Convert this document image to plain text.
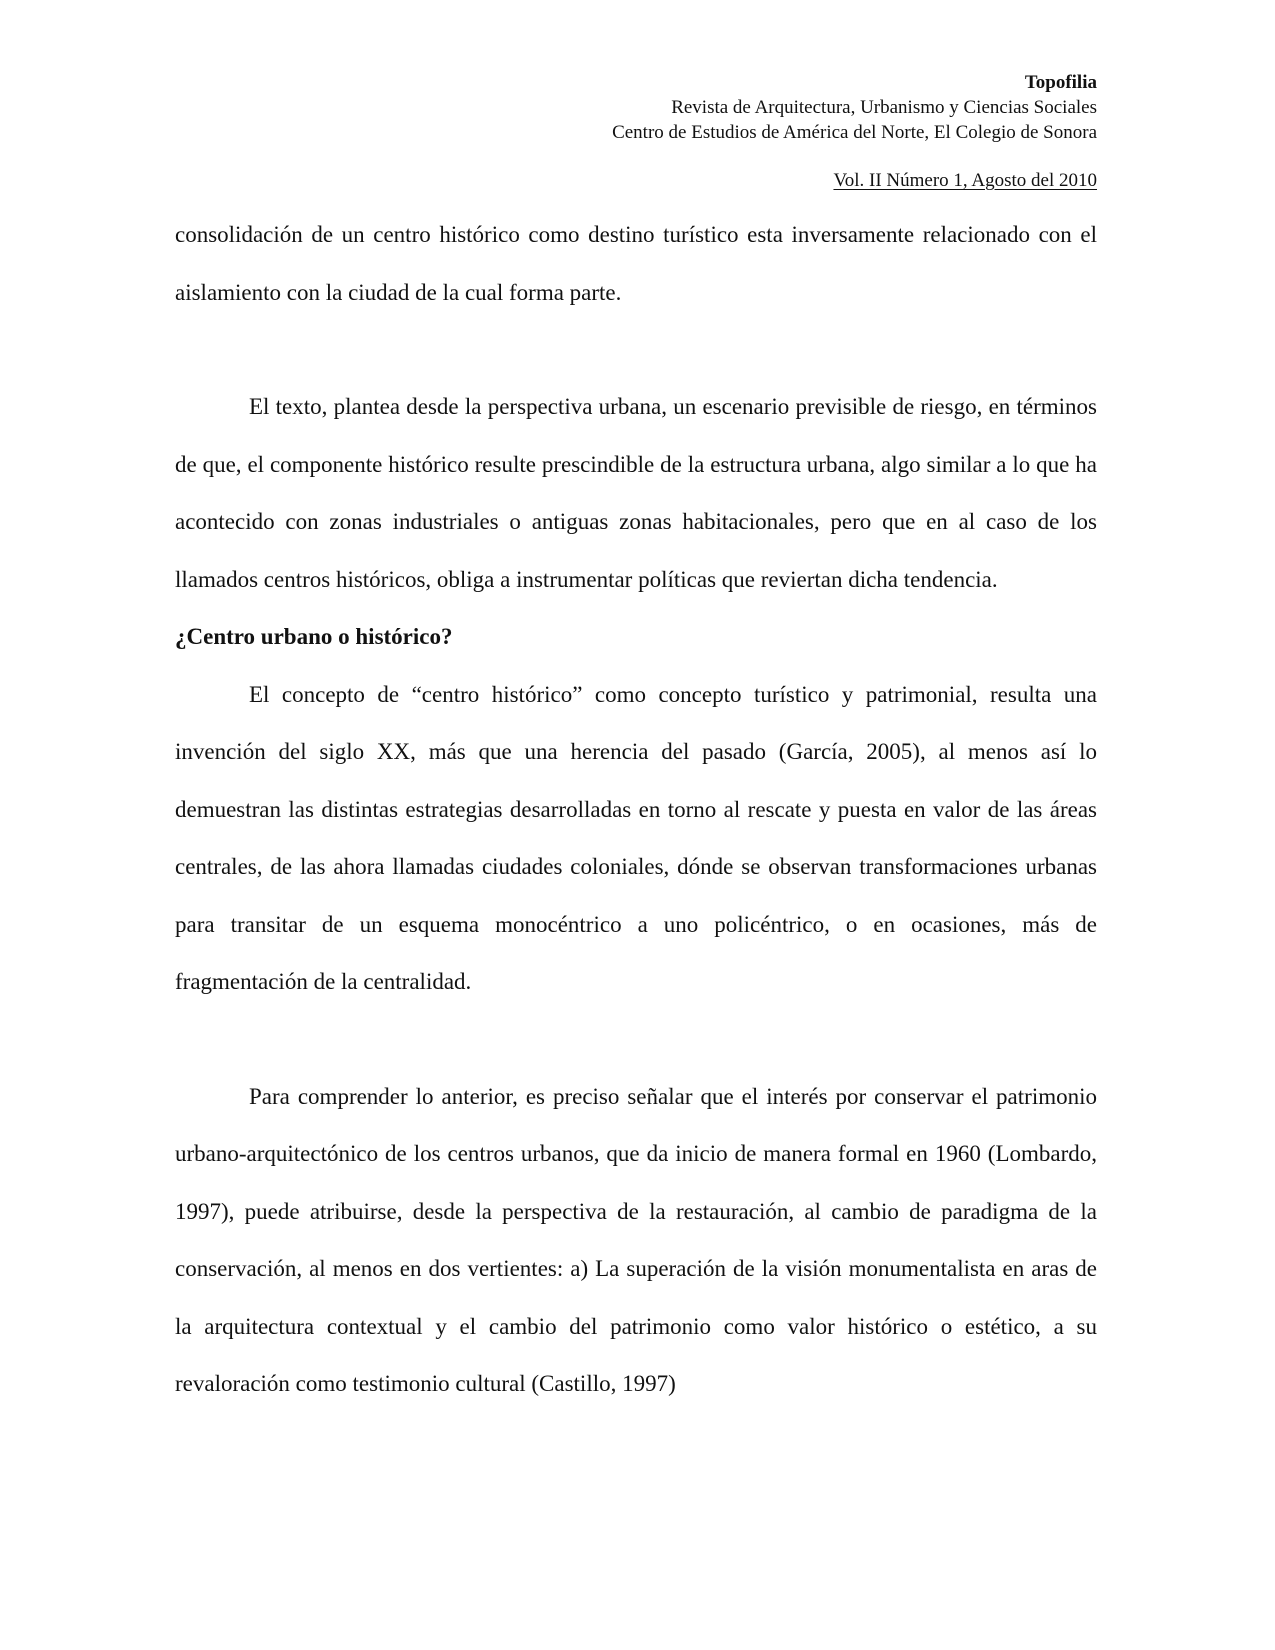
Topofilia
Revista de Arquitectura, Urbanismo y Ciencias Sociales
Centro de Estudios de América del Norte, El Colegio de Sonora
Vol. II Número 1, Agosto del 2010

consolidación de un centro histórico como destino turístico esta inversamente relacionado con el aislamiento con la ciudad de la cual forma parte.

El texto, plantea desde la perspectiva urbana, un escenario previsible de riesgo, en términos de que, el componente histórico resulte prescindible de la estructura urbana, algo similar a lo que ha acontecido con zonas industriales o antiguas zonas habitacionales, pero que en al caso de los llamados centros históricos, obliga a instrumentar políticas que reviertan dicha tendencia.

¿Centro urbano o histórico?

El concepto de “centro histórico” como concepto turístico y patrimonial, resulta una invención del siglo XX, más que una herencia del pasado (García, 2005), al menos así lo demuestran las distintas estrategias desarrolladas en torno al rescate y puesta en valor de las áreas centrales, de las ahora llamadas ciudades coloniales, dónde se observan transformaciones urbanas para transitar de un esquema monocéntrico a uno policéntrico, o en ocasiones, más de fragmentación de la centralidad.

Para comprender lo anterior, es preciso señalar que el interés por conservar el patrimonio urbano-arquitectónico de los centros urbanos, que da inicio de manera formal en 1960 (Lombardo, 1997), puede atribuirse, desde la perspectiva de la restauración, al cambio de paradigma de la conservación, al menos en dos vertientes: a) La superación de la visión monumentalista en aras de la arquitectura contextual y el cambio del patrimonio como valor histórico o estético, a su revaloración como testimonio cultural (Castillo, 1997)
